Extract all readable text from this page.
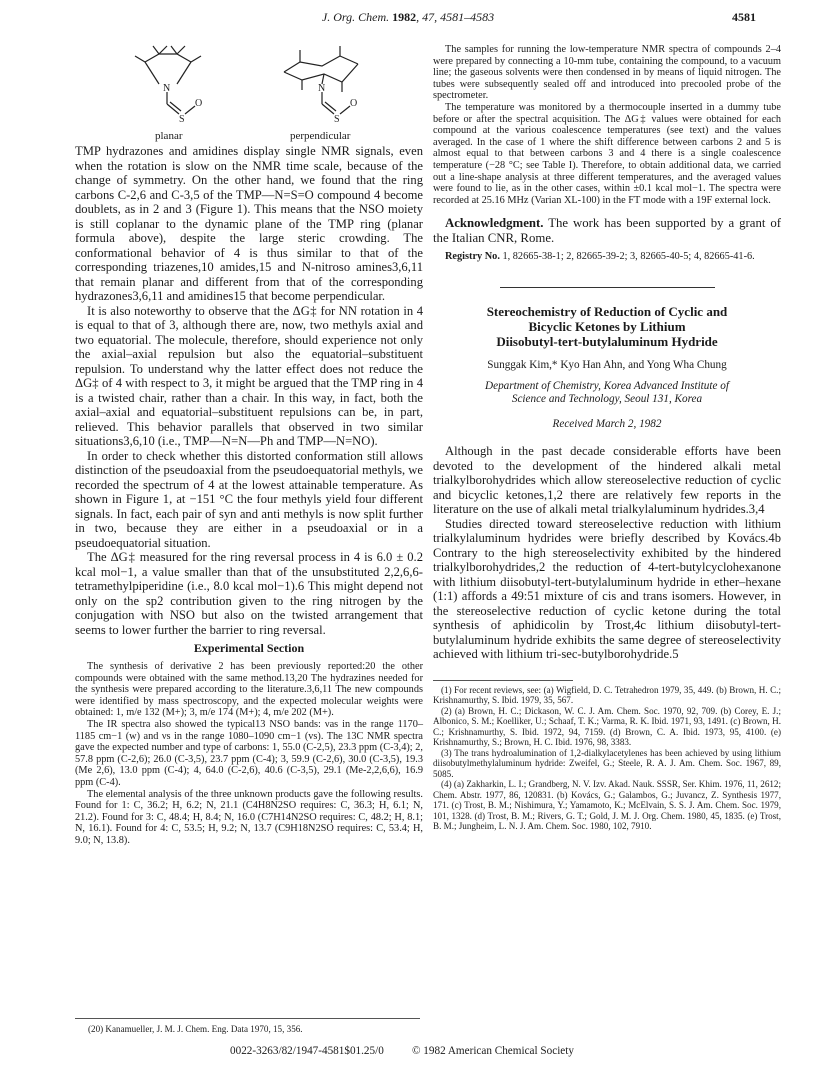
J. Org. Chem. 1982, 47, 4581–4583	4581
N
S
O
N
S
O
planar	perpendicular

TMP hydrazones and amidines display single NMR signals, even when the rotation is slow on the NMR time scale, because of the change of symmetry. On the other hand, we found that the ring carbons C-2,6 and C-3,5 of the TMP—N=S=O compound 4 become doublets, as in 2 and 3 (Figure 1). This means that the NSO moiety is still coplanar to the dynamic plane of the TMP ring (planar formula above), despite the large steric crowding. The conformational behavior of 4 is thus similar to that of the corresponding triazenes,10 amides,15 and N-nitroso amines3,6,11 that remain planar and different from that of the corresponding hydrazones3,6,11 and amidines15 that become perpendicular.

It is also noteworthy to observe that the ΔG‡ for NN rotation in 4 is equal to that of 3, although there are, now, two methyls axial and two equatorial. The molecule, therefore, should experience not only the axial–axial repulsion but also the equatorial–substituent repulsion. To understand why the latter effect does not reduce the ΔG‡ of 4 with respect to 3, it might be argued that the TMP ring in 4 is a twisted chair, rather than a chair. In this way, in fact, both the axial–axial and equatorial–substituent repulsions can be, in part, relieved. This behavior parallels that observed in two similar situations3,6,10 (i.e., TMP—N=N—Ph and TMP—N=NO).

In order to check whether this distorted conformation still allows distinction of the pseudoaxial from the pseudoequatorial methyls, we recorded the spectrum of 4 at the lowest attainable temperature. As shown in Figure 1, at −151 °C the four methyls yield four different signals. In fact, each pair of syn and anti methyls is now split further in two, because they are either in a pseudoaxial or in a pseudoequatorial situation.

The ΔG‡ measured for the ring reversal process in 4 is 6.0 ± 0.2 kcal mol−1, a value smaller than that of the unsubstituted 2,2,6,6-tetramethylpiperidine (i.e., 8.0 kcal mol−1).6 This might depend not only on the sp2 contribution given to the ring nitrogen by the conjugation with NSO but also on the twisted arrangement that seems to lower further the barrier to ring reversal.

Experimental Section

The synthesis of derivative 2 has been previously reported:20 the other compounds were obtained with the same method.13,20 The hydrazines needed for the synthesis were prepared according to the literature.3,6,11 The new compounds were identified by mass spectroscopy, and the expected molecular weights were obtained: 1, m/e 132 (M+); 3, m/e 174 (M+); 4, m/e 202 (M+).

The IR spectra also showed the typical13 NSO bands: νas in the range 1170–1185 cm−1 (w) and νs in the range 1080–1090 cm−1 (vs). The 13C NMR spectra gave the expected number and type of carbons: 1, 55.0 (C-2,5), 23.3 ppm (C-3,4); 2, 57.8 ppm (C-2,6); 26.0 (C-3,5), 23.7 ppm (C-4); 3, 59.9 (C-2,6), 30.0 (C-3,5), 19.3 (Me 2,6), 13.0 ppm (C-4); 4, 64.0 (C-2,6), 40.6 (C-3,5), 29.1 (Me-2,2,6,6), 16.9 ppm (C-4).

The elemental analysis of the three unknown products gave the following results. Found for 1: C, 36.2; H, 6.2; N, 21.1 (C4H8N2SO requires: C, 36.3; H, 6.1; N, 21.2). Found for 3: C, 48.4; H, 8.4; N, 16.0 (C7H14N2SO requires: C, 48.2; H, 8.1; N, 16.1). Found for 4: C, 53.5; H, 9.2; N, 13.7 (C9H18N2SO requires: C, 53.4; H, 9.0; N, 13.8).

(20) Kanamueller, J. M. J. Chem. Eng. Data 1970, 15, 356.

The samples for running the low-temperature NMR spectra of compounds 2–4 were prepared by connecting a 10-mm tube, containing the compound, to a vacuum line; the gaseous solvents were then condensed in by means of liquid nitrogen. The tubes were subsequently sealed off and introduced into precooled probe of the spectrometer.

The temperature was monitored by a thermocouple inserted in a dummy tube before or after the spectral acquisition. The ΔG‡ values were obtained for each compound at the various coalescence temperatures (see text) and the values averaged. In the case of 1 where the shift difference between carbons 2 and 5 is almost equal to that between carbons 3 and 4 there is a single coalescence temperature (−28 °C; see Table I). Therefore, to obtain additional data, we carried out a line-shape analysis at three different temperatures, and the averaged values were found to lie, as in the other cases, within ±0.1 kcal mol−1. The spectra were recorded at 25.16 MHz (Varian XL-100) in the FT mode with a 19F external lock.

Acknowledgment. The work has been supported by a grant of the Italian CNR, Rome.

Registry No. 1, 82665-38-1; 2, 82665-39-2; 3, 82665-40-5; 4, 82665-41-6.

Stereochemistry of Reduction of Cyclic and
Bicyclic Ketones by Lithium
Diisobutyl-tert-butylaluminum Hydride
Sunggak Kim,* Kyo Han Ahn, and Yong Wha Chung
Department of Chemistry, Korea Advanced Institute of
Science and Technology, Seoul 131, Korea
Received March 2, 1982

Although in the past decade considerable efforts have been devoted to the development of the hindered alkali metal trialkylborohydrides which allow stereoselective reduction of cyclic and bicyclic ketones,1,2 there are relatively few reports in the literature on the use of alkali metal trialkylaluminum hydrides.3,4

Studies directed toward stereoselective reduction with lithium trialkylaluminum hydrides were briefly described by Kovács.4b Contrary to the high stereoselectivity exhibited by the hindered trialkylborohydrides,2 the reduction of 4-tert-butylcyclohexanone with lithium diisobutyl-tert-butylaluminum hydride in ether–hexane (1:1) affords a 49:51 mixture of cis and trans isomers. However, in the stereoselective reduction of cyclic ketone during the total synthesis of aphidicolin by Trost,4c lithium diisobutyl-tert-butylaluminum hydride exhibits the same degree of stereoselectivity achieved with lithium tri-sec-butylborohydride.5

(1) For recent reviews, see: (a) Wigfield, D. C. Tetrahedron 1979, 35, 449. (b) Brown, H. C.; Krishnamurthy, S. Ibid. 1979, 35, 567.

(2) (a) Brown, H. C.; Dickason, W. C. J. Am. Chem. Soc. 1970, 92, 709. (b) Corey, E. J.; Albonico, S. M.; Koelliker, U.; Schaaf, T. K.; Varma, R. K. Ibid. 1971, 93, 1491. (c) Brown, H. C.; Krishnamurthy, S. Ibid. 1972, 94, 7159. (d) Brown, C. A. Ibid. 1973, 95, 4100. (e) Krishnamurthy, S.; Brown, H. C. Ibid. 1976, 98, 3383.

(3) The trans hydroalumination of 1,2-dialkylacetylenes has been achieved by using lithium diisobutylmethylaluminum hydride: Zweifel, G.; Steele, R. A. J. Am. Chem. Soc. 1967, 89, 5085.

(4) (a) Zakharkin, L. I.; Grandberg, N. V. Izv. Akad. Nauk. SSSR, Ser. Khim. 1976, 11, 2612; Chem. Abstr. 1977, 86, 120831. (b) Kovács, G.; Galambos, G.; Juvancz, Z. Synthesis 1977, 171. (c) Trost, B. M.; Nishimura, Y.; Yamamoto, K.; McElvain, S. S. J. Am. Chem. Soc. 1979, 101, 1328. (d) Trost, B. M.; Rivers, G. T.; Gold, J. M. J. Org. Chem. 1980, 45, 1835. (e) Trost, B. M.; Jungheim, L. N. J. Am. Chem. Soc. 1980, 102, 7910.

0022-3263/82/1947-4581$01.25/0	© 1982 American Chemical Society
